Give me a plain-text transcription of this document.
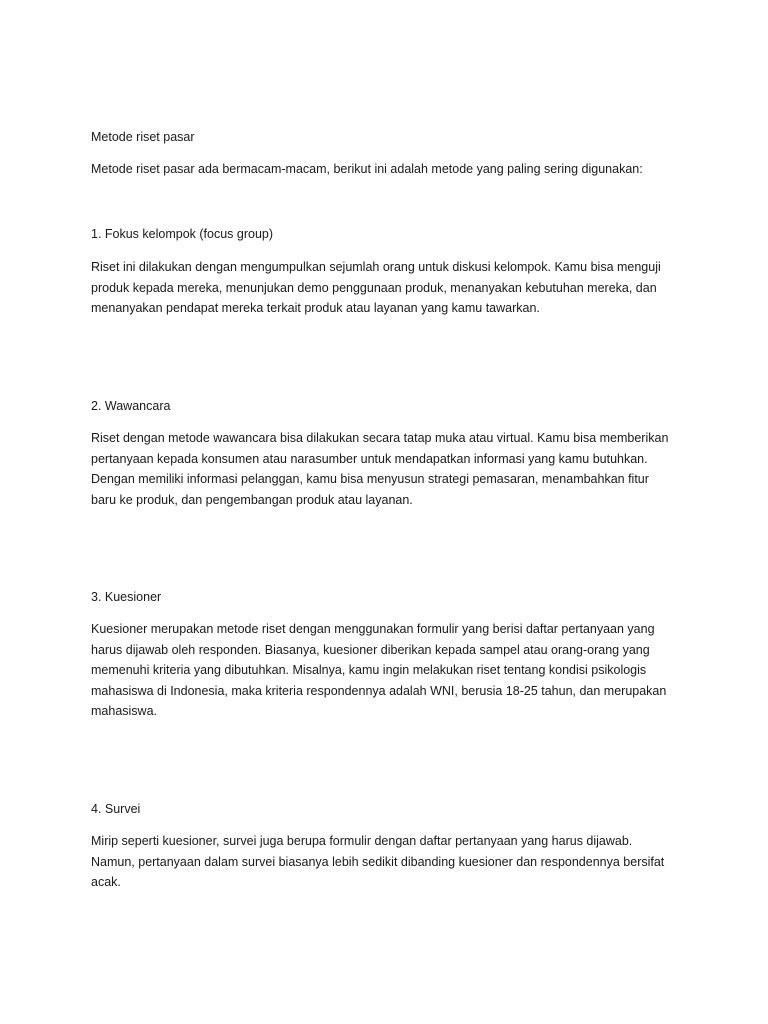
Metode riset pasar

Metode riset pasar ada bermacam-macam, berikut ini adalah metode yang paling sering digunakan:

1. Fokus kelompok (focus group)

Riset ini dilakukan dengan mengumpulkan sejumlah orang untuk diskusi kelompok. Kamu bisa menguji
produk kepada mereka, menunjukan demo penggunaan produk, menanyakan kebutuhan mereka, dan
menanyakan pendapat mereka terkait produk atau layanan yang kamu tawarkan.

2. Wawancara

Riset dengan metode wawancara bisa dilakukan secara tatap muka atau virtual. Kamu bisa memberikan
pertanyaan kepada konsumen atau narasumber untuk mendapatkan informasi yang kamu butuhkan.
Dengan memiliki informasi pelanggan, kamu bisa menyusun strategi pemasaran, menambahkan fitur
baru ke produk, dan pengembangan produk atau layanan.

3. Kuesioner

Kuesioner merupakan metode riset dengan menggunakan formulir yang berisi daftar pertanyaan yang
harus dijawab oleh responden. Biasanya, kuesioner diberikan kepada sampel atau orang-orang yang
memenuhi kriteria yang dibutuhkan. Misalnya, kamu ingin melakukan riset tentang kondisi psikologis
mahasiswa di Indonesia, maka kriteria respondennya adalah WNI, berusia 18-25 tahun, dan merupakan
mahasiswa.

4. Survei

Mirip seperti kuesioner, survei juga berupa formulir dengan daftar pertanyaan yang harus dijawab.
Namun, pertanyaan dalam survei biasanya lebih sedikit dibanding kuesioner dan respondennya bersifat
acak.
